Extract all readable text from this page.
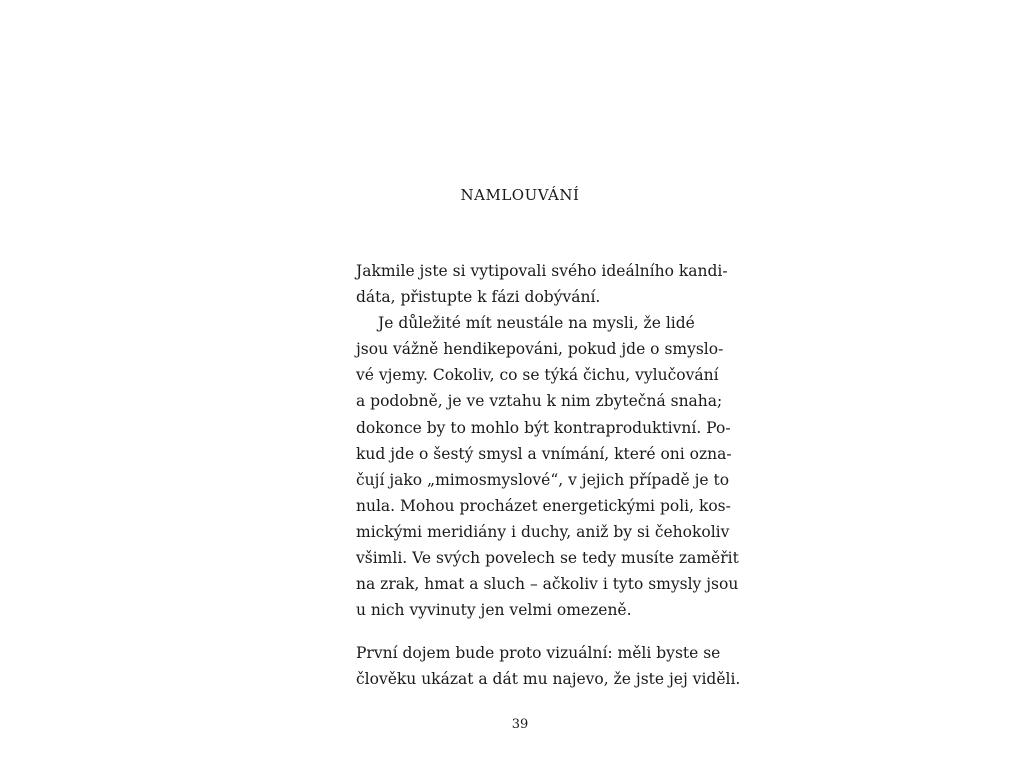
NAMLOUVÁNÍ
Jakmile jste si vytipovali svého ideálního kandi-
dáta, přistupte k fázi dobývání.
Je důležité mít neustále na mysli, že lidé
jsou vážně hendikepováni, pokud jde o smyslo-
vé vjemy. Cokoliv, co se týká čichu, vylučování
a podobně, je ve vztahu k nim zbytečná snaha;
dokonce by to mohlo být kontraproduktivní. Po-
kud jde o šestý smysl a vnímání, které oni ozna-
čují jako „mimosmyslové“, v jejich případě je to
nula. Mohou procházet energetickými poli, kos-
mickými meridiány i duchy, aniž by si čehokoliv
všimli. Ve svých povelech se tedy musíte zaměřit
na zrak, hmat a sluch – ačkoliv i tyto smysly jsou
u nich vyvinuty jen velmi omezeně.
První dojem bude proto vizuální: měli byste se
člověku ukázat a dát mu najevo, že jste jej viděli.
39
